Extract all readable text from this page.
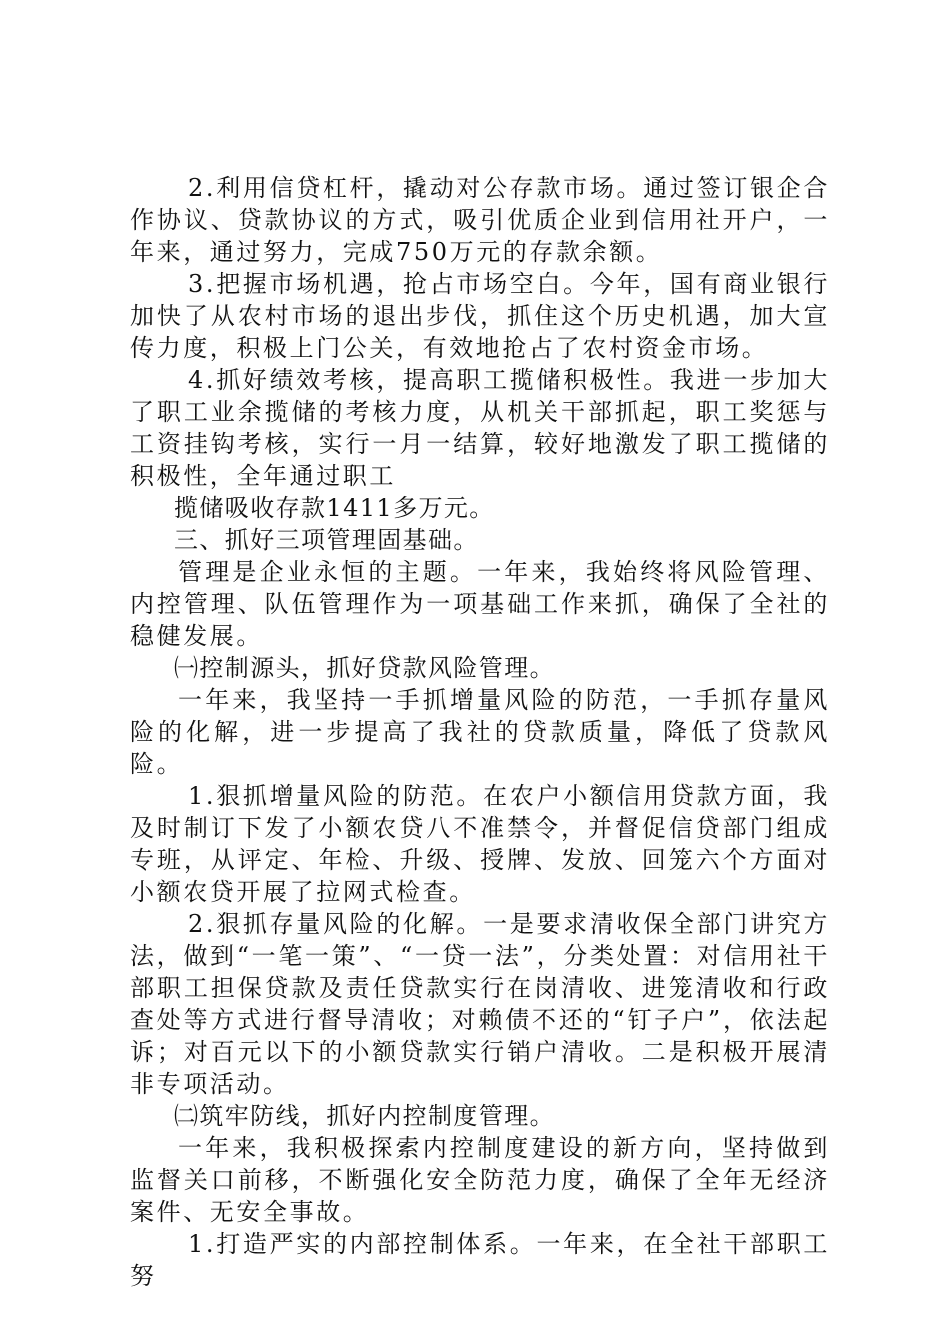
2.利用信贷杠杆，撬动对公存款市场。通过签订银企合作协议、贷款协议的方式，吸引优质企业到信用社开户，一年来，通过努力，完成750万元的存款余额。

3.把握市场机遇，抢占市场空白。今年，国有商业银行加快了从农村市场的退出步伐，抓住这个历史机遇，加大宣传力度，积极上门公关，有效地抢占了农村资金市场。

4.抓好绩效考核，提高职工揽储积极性。我进一步加大了职工业余揽储的考核力度，从机关干部抓起，职工奖惩与工资挂钩考核，实行一月一结算，较好地激发了职工揽储的积极性，全年通过职工

揽储吸收存款1411多万元。

三、抓好三项管理固基础。

管理是企业永恒的主题。一年来，我始终将风险管理、内控管理、队伍管理作为一项基础工作来抓，确保了全社的稳健发展。

㈠控制源头，抓好贷款风险管理。

一年来，我坚持一手抓增量风险的防范，一手抓存量风险的化解，进一步提高了我社的贷款质量，降低了贷款风险。

1.狠抓增量风险的防范。在农户小额信用贷款方面，我及时制订下发了小额农贷八不准禁令，并督促信贷部门组成专班，从评定、年检、升级、授牌、发放、回笼六个方面对小额农贷开展了拉网式检查。

2.狠抓存量风险的化解。一是要求清收保全部门讲究方法，做到“一笔一策”、“一贷一法”，分类处置：对信用社干部职工担保贷款及责任贷款实行在岗清收、进笼清收和行政查处等方式进行督导清收；对赖债不还的“钉子户”，依法起诉；对百元以下的小额贷款实行销户清收。二是积极开展清非专项活动。

㈡筑牢防线，抓好内控制度管理。

一年来，我积极探索内控制度建设的新方向，坚持做到监督关口前移，不断强化安全防范力度，确保了全年无经济案件、无安全事故。

1.打造严实的内部控制体系。一年来，在全社干部职工努
